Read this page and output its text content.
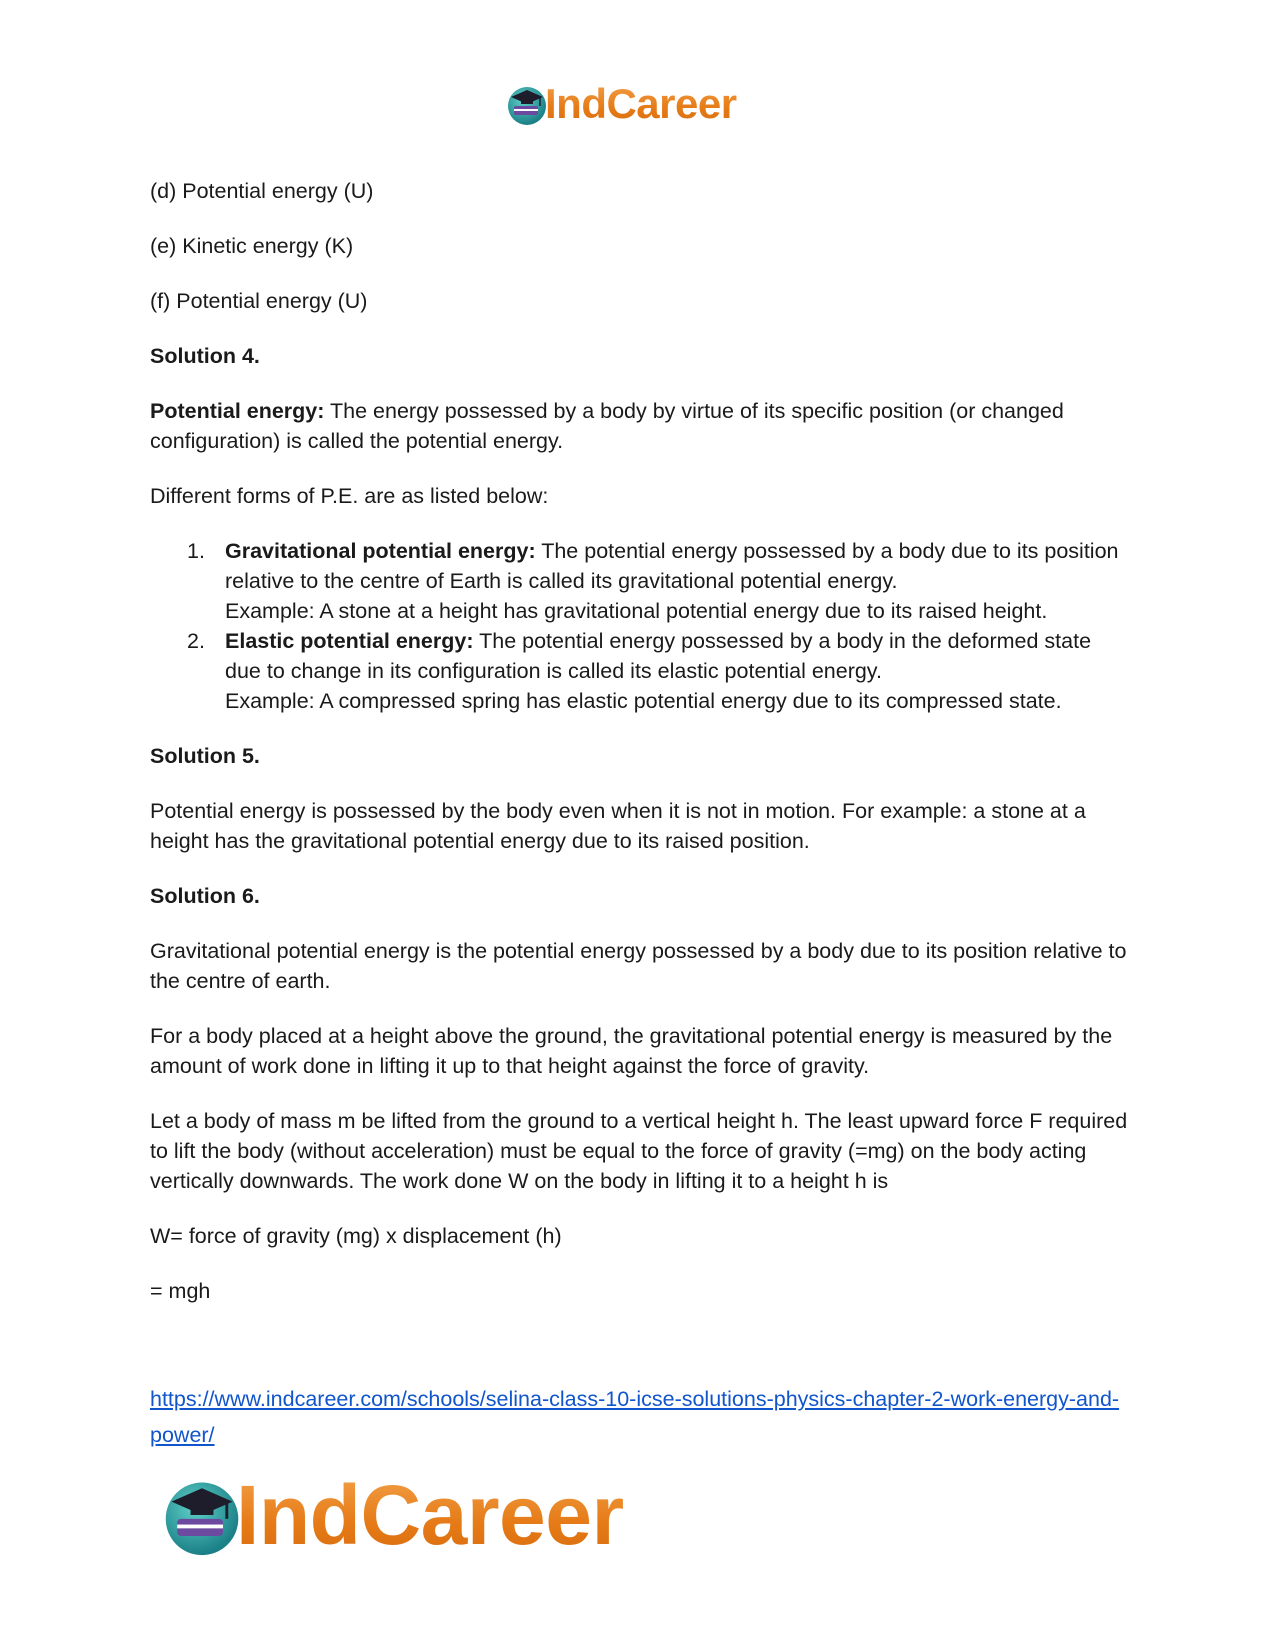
IndCareer

(d) Potential energy (U)

(e) Kinetic energy (K)

(f) Potential energy (U)

Solution 4.

Potential energy: The energy possessed by a body by virtue of its specific position (or changed configuration) is called the potential energy.

Different forms of P.E. are as listed below:

1. Gravitational potential energy: The potential energy possessed by a body due to its position relative to the centre of Earth is called its gravitational potential energy.
Example: A stone at a height has gravitational potential energy due to its raised height.
2. Elastic potential energy: The potential energy possessed by a body in the deformed state due to change in its configuration is called its elastic potential energy.
Example: A compressed spring has elastic potential energy due to its compressed state.

Solution 5.

Potential energy is possessed by the body even when it is not in motion. For example: a stone at a height has the gravitational potential energy due to its raised position.

Solution 6.

Gravitational potential energy is the potential energy possessed by a body due to its position relative to the centre of earth.

For a body placed at a height above the ground, the gravitational potential energy is measured by the amount of work done in lifting it up to that height against the force of gravity.

Let a body of mass m be lifted from the ground to a vertical height h. The least upward force F required to lift the body (without acceleration) must be equal to the force of gravity (=mg) on the body acting vertically downwards. The work done W on the body in lifting it to a height h is

W= force of gravity (mg) x displacement (h)

= mgh

https://www.indcareer.com/schools/selina-class-10-icse-solutions-physics-chapter-2-work-energy-and-power/
IndCareer
